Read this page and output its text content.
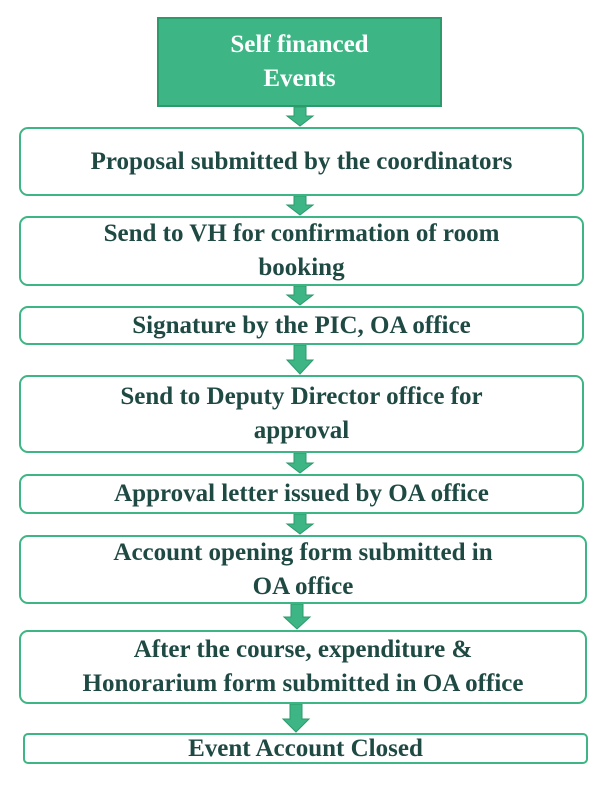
Self financed
Events
Proposal submitted by the coordinators
Send to VH for confirmation of room
booking
Signature by the PIC, OA office
Send to Deputy Director office for
approval
Approval letter issued by OA office
Account opening form submitted in
OA office
After the course, expenditure &
Honorarium form submitted in OA office
Event Account Closed
